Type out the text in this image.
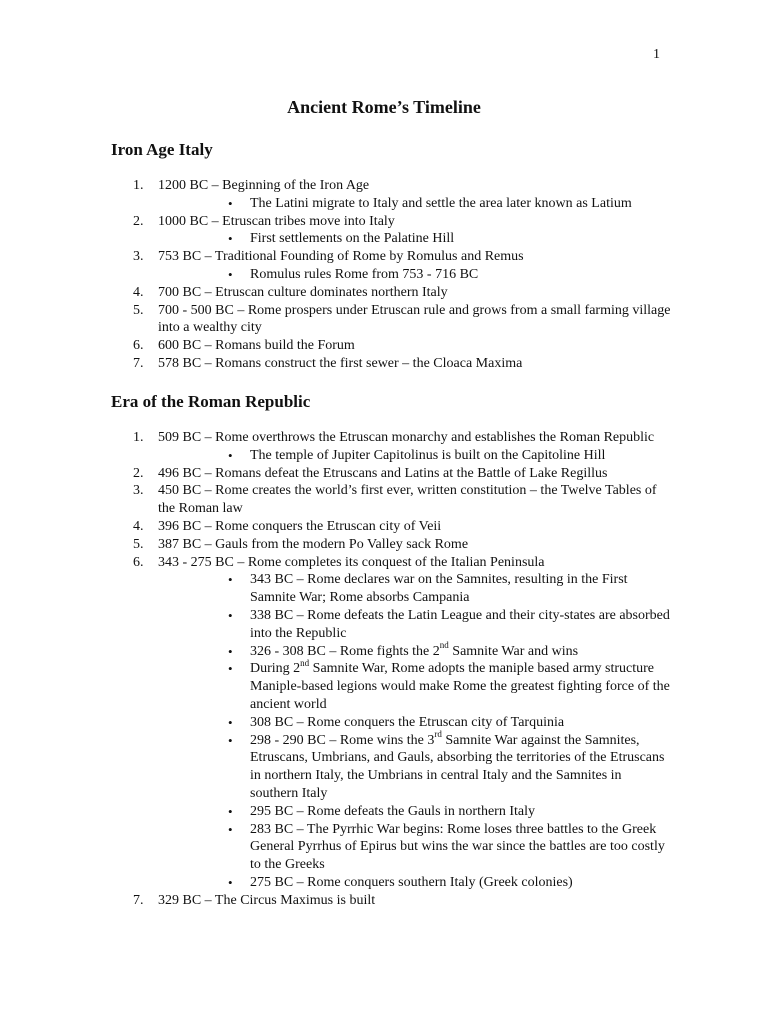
1
Ancient Rome’s Timeline
Iron Age Italy
1.	1200 BC – Beginning of the Iron Age
• The Latini migrate to Italy and settle the area later known as Latium
2.	1000 BC – Etruscan tribes move into Italy
• First settlements on the Palatine Hill
3.	753 BC – Traditional Founding of Rome by Romulus and Remus
• Romulus rules Rome from 753 - 716 BC
4.	700 BC – Etruscan culture dominates northern Italy
5.	700 - 500 BC – Rome prospers under Etruscan rule and grows from a small farming village into a wealthy city
6.	600 BC – Romans build the Forum
7.	578 BC – Romans construct the first sewer – the Cloaca Maxima
Era of the Roman Republic
1.	509 BC – Rome overthrows the Etruscan monarchy and establishes the Roman Republic
• The temple of Jupiter Capitolinus is built on the Capitoline Hill
2.	496 BC – Romans defeat the Etruscans and Latins at the Battle of Lake Regillus
3.	450 BC – Rome creates the world’s first ever, written constitution – the Twelve Tables of the Roman law
4.	396 BC – Rome conquers the Etruscan city of Veii
5.	387 BC – Gauls from the modern Po Valley sack Rome
6.	343 - 275 BC – Rome completes its conquest of the Italian Peninsula
• 343 BC – Rome declares war on the Samnites, resulting in the First Samnite War; Rome absorbs Campania
• 338 BC – Rome defeats the Latin League and their city-states are absorbed into the Republic
• 326 - 308 BC – Rome fights the 2nd Samnite War and wins
• During 2nd Samnite War, Rome adopts the maniple based army structure Maniple-based legions would make Rome the greatest fighting force of the ancient world
• 308 BC – Rome conquers the Etruscan city of Tarquinia
• 298 - 290 BC – Rome wins the 3rd Samnite War against the Samnites, Etruscans, Umbrians, and Gauls, absorbing the territories of the Etruscans in northern Italy, the Umbrians in central Italy and the Samnites in southern Italy
• 295 BC – Rome defeats the Gauls in northern Italy
• 283 BC – The Pyrrhic War begins: Rome loses three battles to the Greek General Pyrrhus of Epirus but wins the war since the battles are too costly to the Greeks
• 275 BC – Rome conquers southern Italy (Greek colonies)
7.	329 BC – The Circus Maximus is built
